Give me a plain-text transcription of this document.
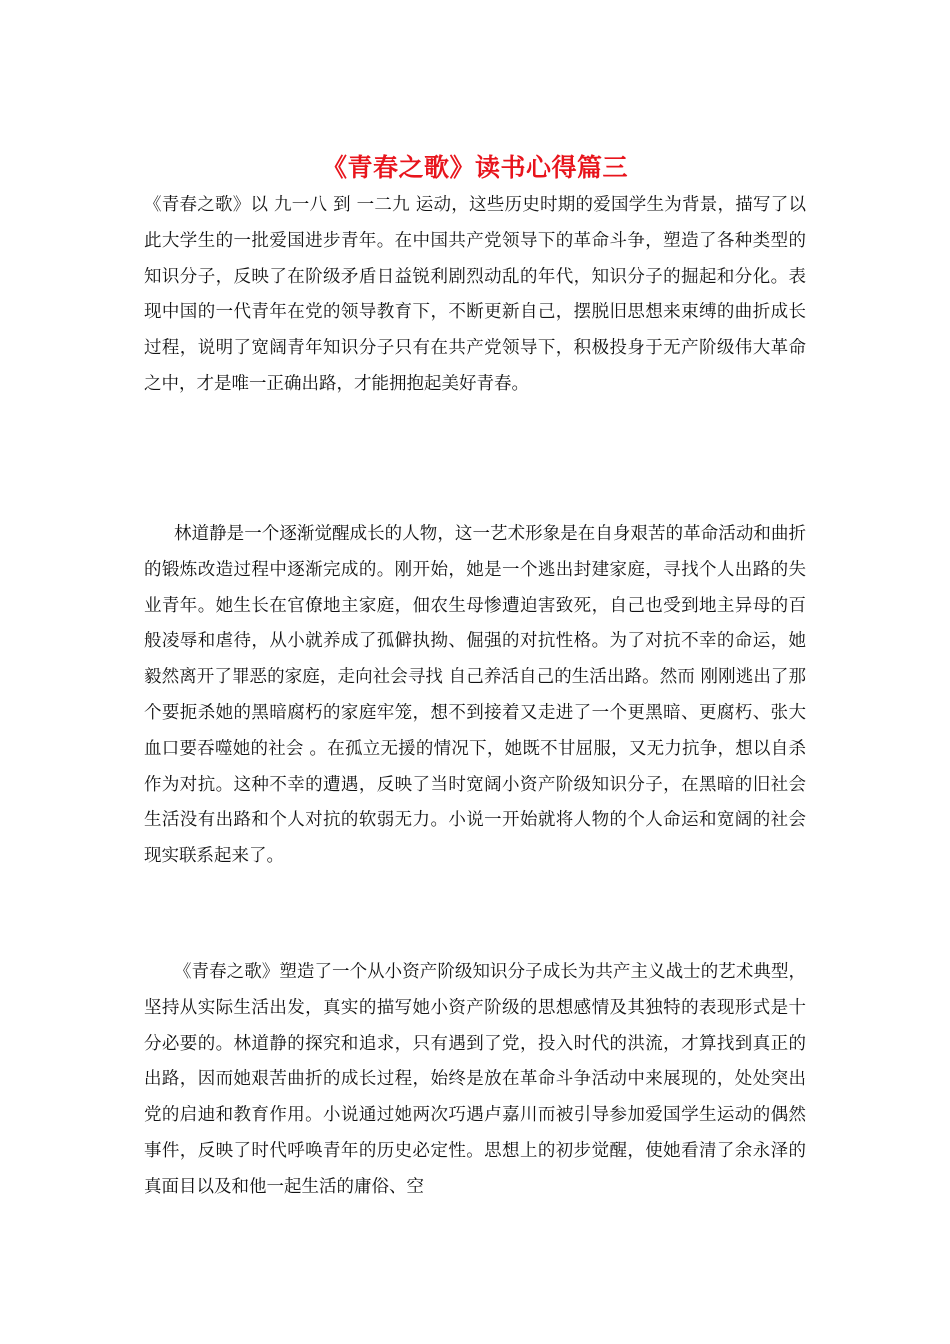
《青春之歌》读书心得篇三

《青春之歌》以 九一八 到 一二九 运动，这些历史时期的爱国学生为背景，描写了以此大学生的一批爱国进步青年。在中国共产党领导下的革命斗争，塑造了各种类型的知识分子，反映了在阶级矛盾日益锐利剧烈动乱的年代，知识分子的掘起和分化。表现中国的一代青年在党的领导教育下，不断更新自己，摆脱旧思想来束缚的曲折成长过程，说明了宽阔青年知识分子只有在共产党领导下，积极投身于无产阶级伟大革命之中，才是唯一正确出路，才能拥抱起美好青春。

林道静是一个逐渐觉醒成长的人物，这一艺术形象是在自身艰苦的革命活动和曲折的锻炼改造过程中逐渐完成的。刚开始，她是一个逃出封建家庭，寻找个人出路的失业青年。她生长在官僚地主家庭，佃农生母惨遭迫害致死，自己也受到地主异母的百般凌辱和虐待，从小就养成了孤僻执拗、倔强的对抗性格。为了对抗不幸的命运，她毅然离开了罪恶的家庭，走向社会寻找 自己养活自己的生活出路。然而 刚刚逃出了那个要扼杀她的黑暗腐朽的家庭牢笼，想不到接着又走进了一个更黑暗、更腐朽、张大血口要吞噬她的社会 。在孤立无援的情况下，她既不甘屈服，又无力抗争，想以自杀作为对抗。这种不幸的遭遇，反映了当时宽阔小资产阶级知识分子，在黑暗的旧社会生活没有出路和个人对抗的软弱无力。小说一开始就将人物的个人命运和宽阔的社会现实联系起来了。

《青春之歌》塑造了一个从小资产阶级知识分子成长为共产主义战士的艺术典型，坚持从实际生活出发，真实的描写她小资产阶级的思想感情及其独特的表现形式是十分必要的。林道静的探究和追求，只有遇到了党，投入时代的洪流，才算找到真正的出路，因而她艰苦曲折的成长过程，始终是放在革命斗争活动中来展现的，处处突出党的启迪和教育作用。小说通过她两次巧遇卢嘉川而被引导参加爱国学生运动的偶然事件，反映了时代呼唤青年的历史必定性。思想上的初步觉醒，使她看清了余永泽的真面目以及和他一起生活的庸俗、空
